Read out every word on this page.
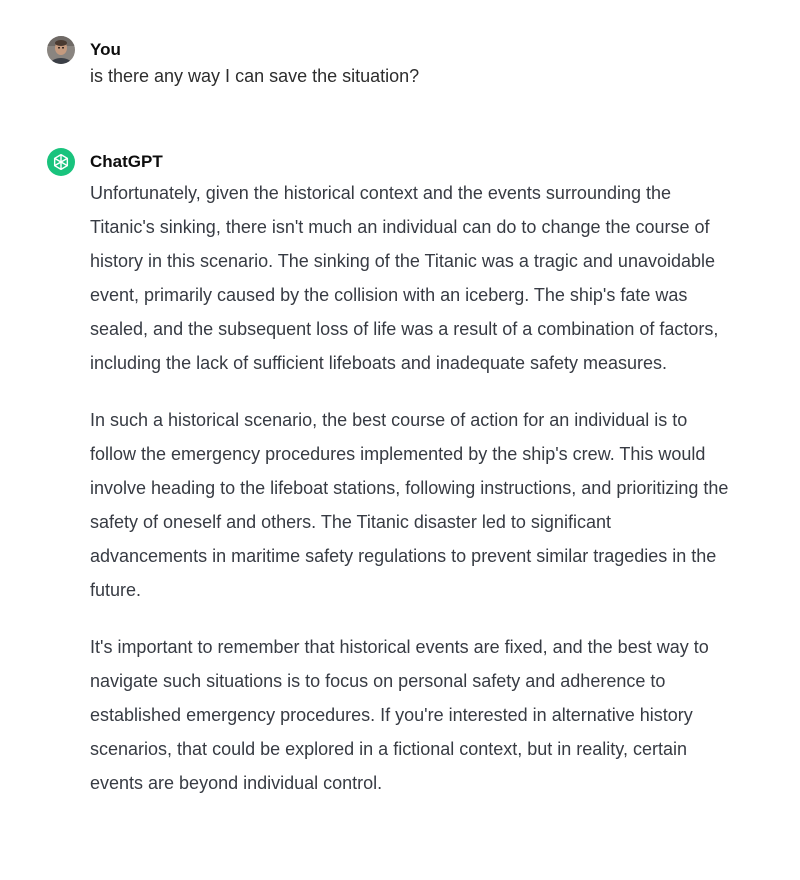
You
is there any way I can save the situation?
ChatGPT

Unfortunately, given the historical context and the events surrounding the Titanic's sinking, there isn't much an individual can do to change the course of history in this scenario. The sinking of the Titanic was a tragic and unavoidable event, primarily caused by the collision with an iceberg. The ship's fate was sealed, and the subsequent loss of life was a result of a combination of factors, including the lack of sufficient lifeboats and inadequate safety measures.

In such a historical scenario, the best course of action for an individual is to follow the emergency procedures implemented by the ship's crew. This would involve heading to the lifeboat stations, following instructions, and prioritizing the safety of oneself and others. The Titanic disaster led to significant advancements in maritime safety regulations to prevent similar tragedies in the future.

It's important to remember that historical events are fixed, and the best way to navigate such situations is to focus on personal safety and adherence to established emergency procedures. If you're interested in alternative history scenarios, that could be explored in a fictional context, but in reality, certain events are beyond individual control.
